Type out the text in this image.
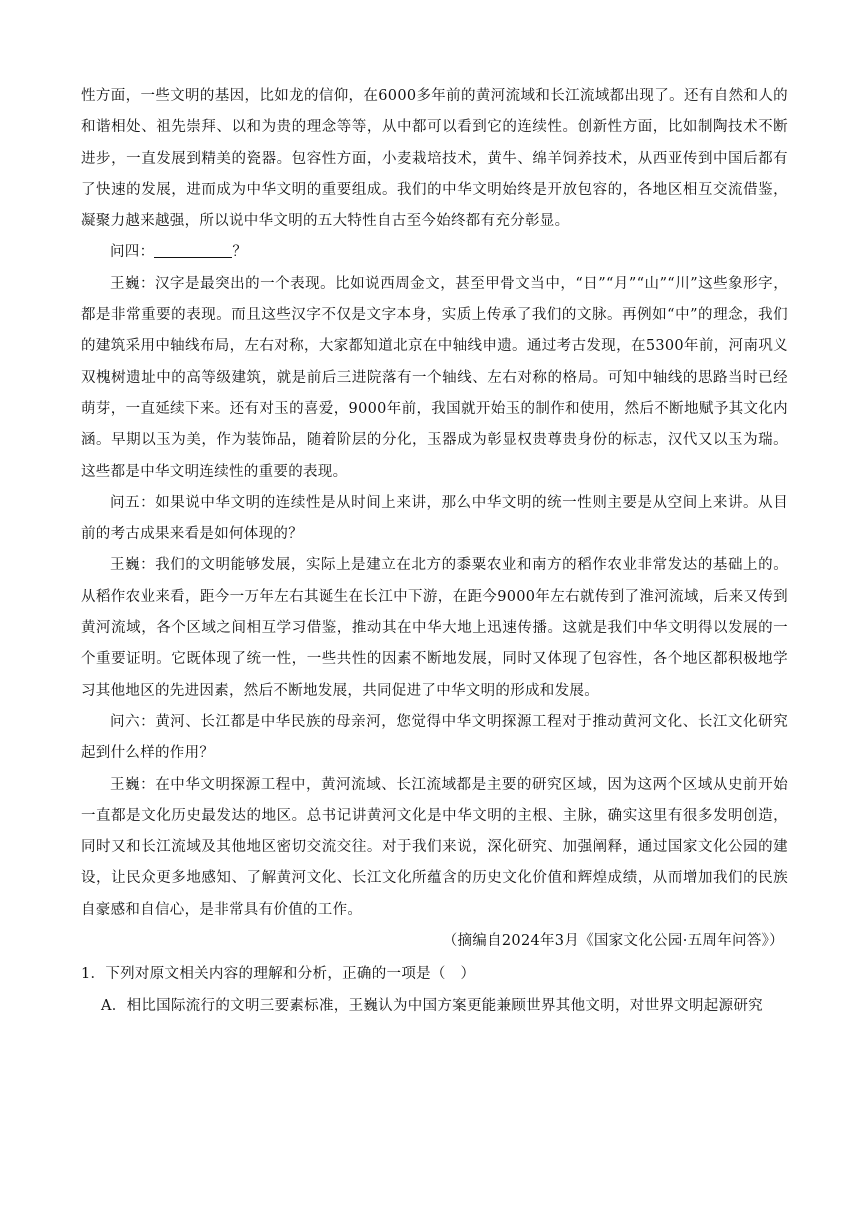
性方面，一些文明的基因，比如龙的信仰，在6000多年前的黄河流域和长江流域都出现了。还有自然和人的和谐相处、祖先崇拜、以和为贵的理念等等，从中都可以看到它的连续性。创新性方面，比如制陶技术不断进步，一直发展到精美的瓷器。包容性方面，小麦栽培技术，黄牛、绵羊饲养技术，从西亚传到中国后都有了快速的发展，进而成为中华文明的重要组成。我们的中华文明始终是开放包容的，各地区相互交流借鉴，凝聚力越来越强，所以说中华文明的五大特性自古至今始终都有充分彰显。

问四：	？

王巍：汉字是最突出的一个表现。比如说西周金文，甚至甲骨文当中，“日”“月”“山”“川”这些象形字，都是非常重要的表现。而且这些汉字不仅是文字本身，实质上传承了我们的文脉。再例如“中”的理念，我们的建筑采用中轴线布局，左右对称，大家都知道北京在中轴线申遗。通过考古发现，在5300年前，河南巩义双槐树遗址中的高等级建筑，就是前后三进院落有一个轴线、左右对称的格局。可知中轴线的思路当时已经萌芽，一直延续下来。还有对玉的喜爱，9000年前，我国就开始玉的制作和使用，然后不断地赋予其文化内涵。早期以玉为美，作为装饰品，随着阶层的分化，玉器成为彰显权贵尊贵身份的标志，汉代又以玉为瑞。这些都是中华文明连续性的重要的表现。

问五：如果说中华文明的连续性是从时间上来讲，那么中华文明的统一性则主要是从空间上来讲。从目前的考古成果来看是如何体现的？

王巍：我们的文明能够发展，实际上是建立在北方的黍粟农业和南方的稻作农业非常发达的基础上的。从稻作农业来看，距今一万年左右其诞生在长江中下游，在距今9000年左右就传到了淮河流域，后来又传到黄河流域，各个区域之间相互学习借鉴，推动其在中华大地上迅速传播。这就是我们中华文明得以发展的一个重要证明。它既体现了统一性，一些共性的因素不断地发展，同时又体现了包容性，各个地区都积极地学习其他地区的先进因素，然后不断地发展，共同促进了中华文明的形成和发展。

问六：黄河、长江都是中华民族的母亲河，您觉得中华文明探源工程对于推动黄河文化、长江文化研究起到什么样的作用？

王巍：在中华文明探源工程中，黄河流域、长江流域都是主要的研究区域，因为这两个区域从史前开始一直都是文化历史最发达的地区。总书记讲黄河文化是中华文明的主根、主脉，确实这里有很多发明创造，同时又和长江流域及其他地区密切交流交往。对于我们来说，深化研究、加强阐释，通过国家文化公园的建设，让民众更多地感知、了解黄河文化、长江文化所蕴含的历史文化价值和辉煌成绩，从而增加我们的民族自豪感和自信心，是非常具有价值的工作。

（摘编自2024年3月《国家文化公园·五周年问答》）

1．下列对原文相关内容的理解和分析，正确的一项是（　）

A．相比国际流行的文明三要素标准，王巍认为中国方案更能兼顾世界其他文明，对世界文明起源研究
